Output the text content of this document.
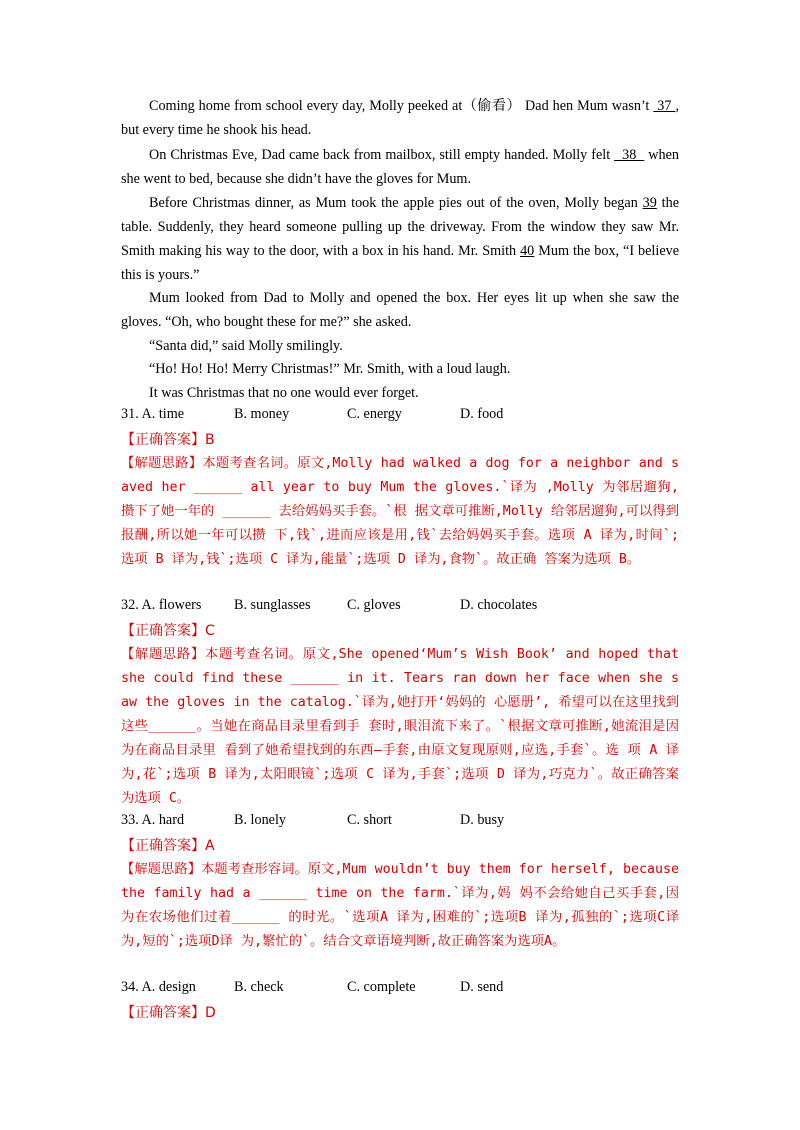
Coming home from school every day, Molly peeked at（偷看） Dad hen Mum wasn’t  37 , but every time he shook his head.

On Christmas Eve, Dad came back from mailbox, still empty handed. Molly felt   38   when she went to bed, because she didn’t have the gloves for Mum.

Before Christmas dinner, as Mum took the apple pies out of the oven, Molly began 39 the table. Suddenly, they heard someone pulling up the driveway. From the window they saw Mr. Smith making his way to the door, with a box in his hand. Mr. Smith 40 Mum the box, “I believe this is yours.”

Mum looked from Dad to Molly and opened the box. Her eyes lit up when she saw the gloves. “Oh, who bought these for me?” she asked.

“Santa did,” said Molly smilingly.

“Ho! Ho! Ho! Merry Christmas!” Mr. Smith, with a loud laugh.

It was Christmas that no one would ever forget.

31. A. time	B. money	C. energy	D. food
【正确答案】B
【解题思路】本题考查名词。原文,Molly had walked a dog for a neighbor and saved her ______ all year to buy Mum the gloves.`译为 ,Molly 为邻居遛狗,攒下了她一年的 ______ 去给妈妈买手套。`根 据文章可推断,Molly 给邻居遛狗,可以得到报酬,所以她一年可以攒 下,钱`,进而应该是用,钱`去给妈妈买手套。选项 A 译为,时间`; 选项 B 译为,钱`;选项 C 译为,能量`;选项 D 译为,食物`。故正确 答案为选项 B。
32. A. flowers B. sunglasses	C. gloves	D. chocolates
【正确答案】C
【解题思路】本题考查名词。原文,She opened‘Mum’s Wish Book’ and hoped that she could find these ______ in it. Tears ran down her face when she saw the gloves in the catalog.`译为,她打开‘妈妈的 心愿册’, 希望可以在这里找到这些______。当她在商品目录里看到手 套时,眼泪流下来了。`根据文章可推断,她流泪是因为在商品目录里 看到了她希望找到的东西—手套,由原文复现原则,应选,手套`。选 项 A 译为,花`;选项 B 译为,太阳眼镜`;选项 C 译为,手套`;选项 D 译为,巧克力`。故正确答案为选项 C。
33. A. hard	B. lonely	C. short	D. busy
【正确答案】A
【解题思路】本题考查形容词。原文,Mum wouldn’t buy them for herself, because the family had a ______ time on the farm.`译为,妈 妈不会给她自己买手套,因为在农场他们过着______ 的时光。`选项A 译为,困难的`;选项B 译为,孤独的`;选项C译为,短的`;选项D译 为,繁忙的`。结合文章语境判断,故正确答案为选项A。
34. A. design	B. check	C. complete	D. send
【正确答案】D
